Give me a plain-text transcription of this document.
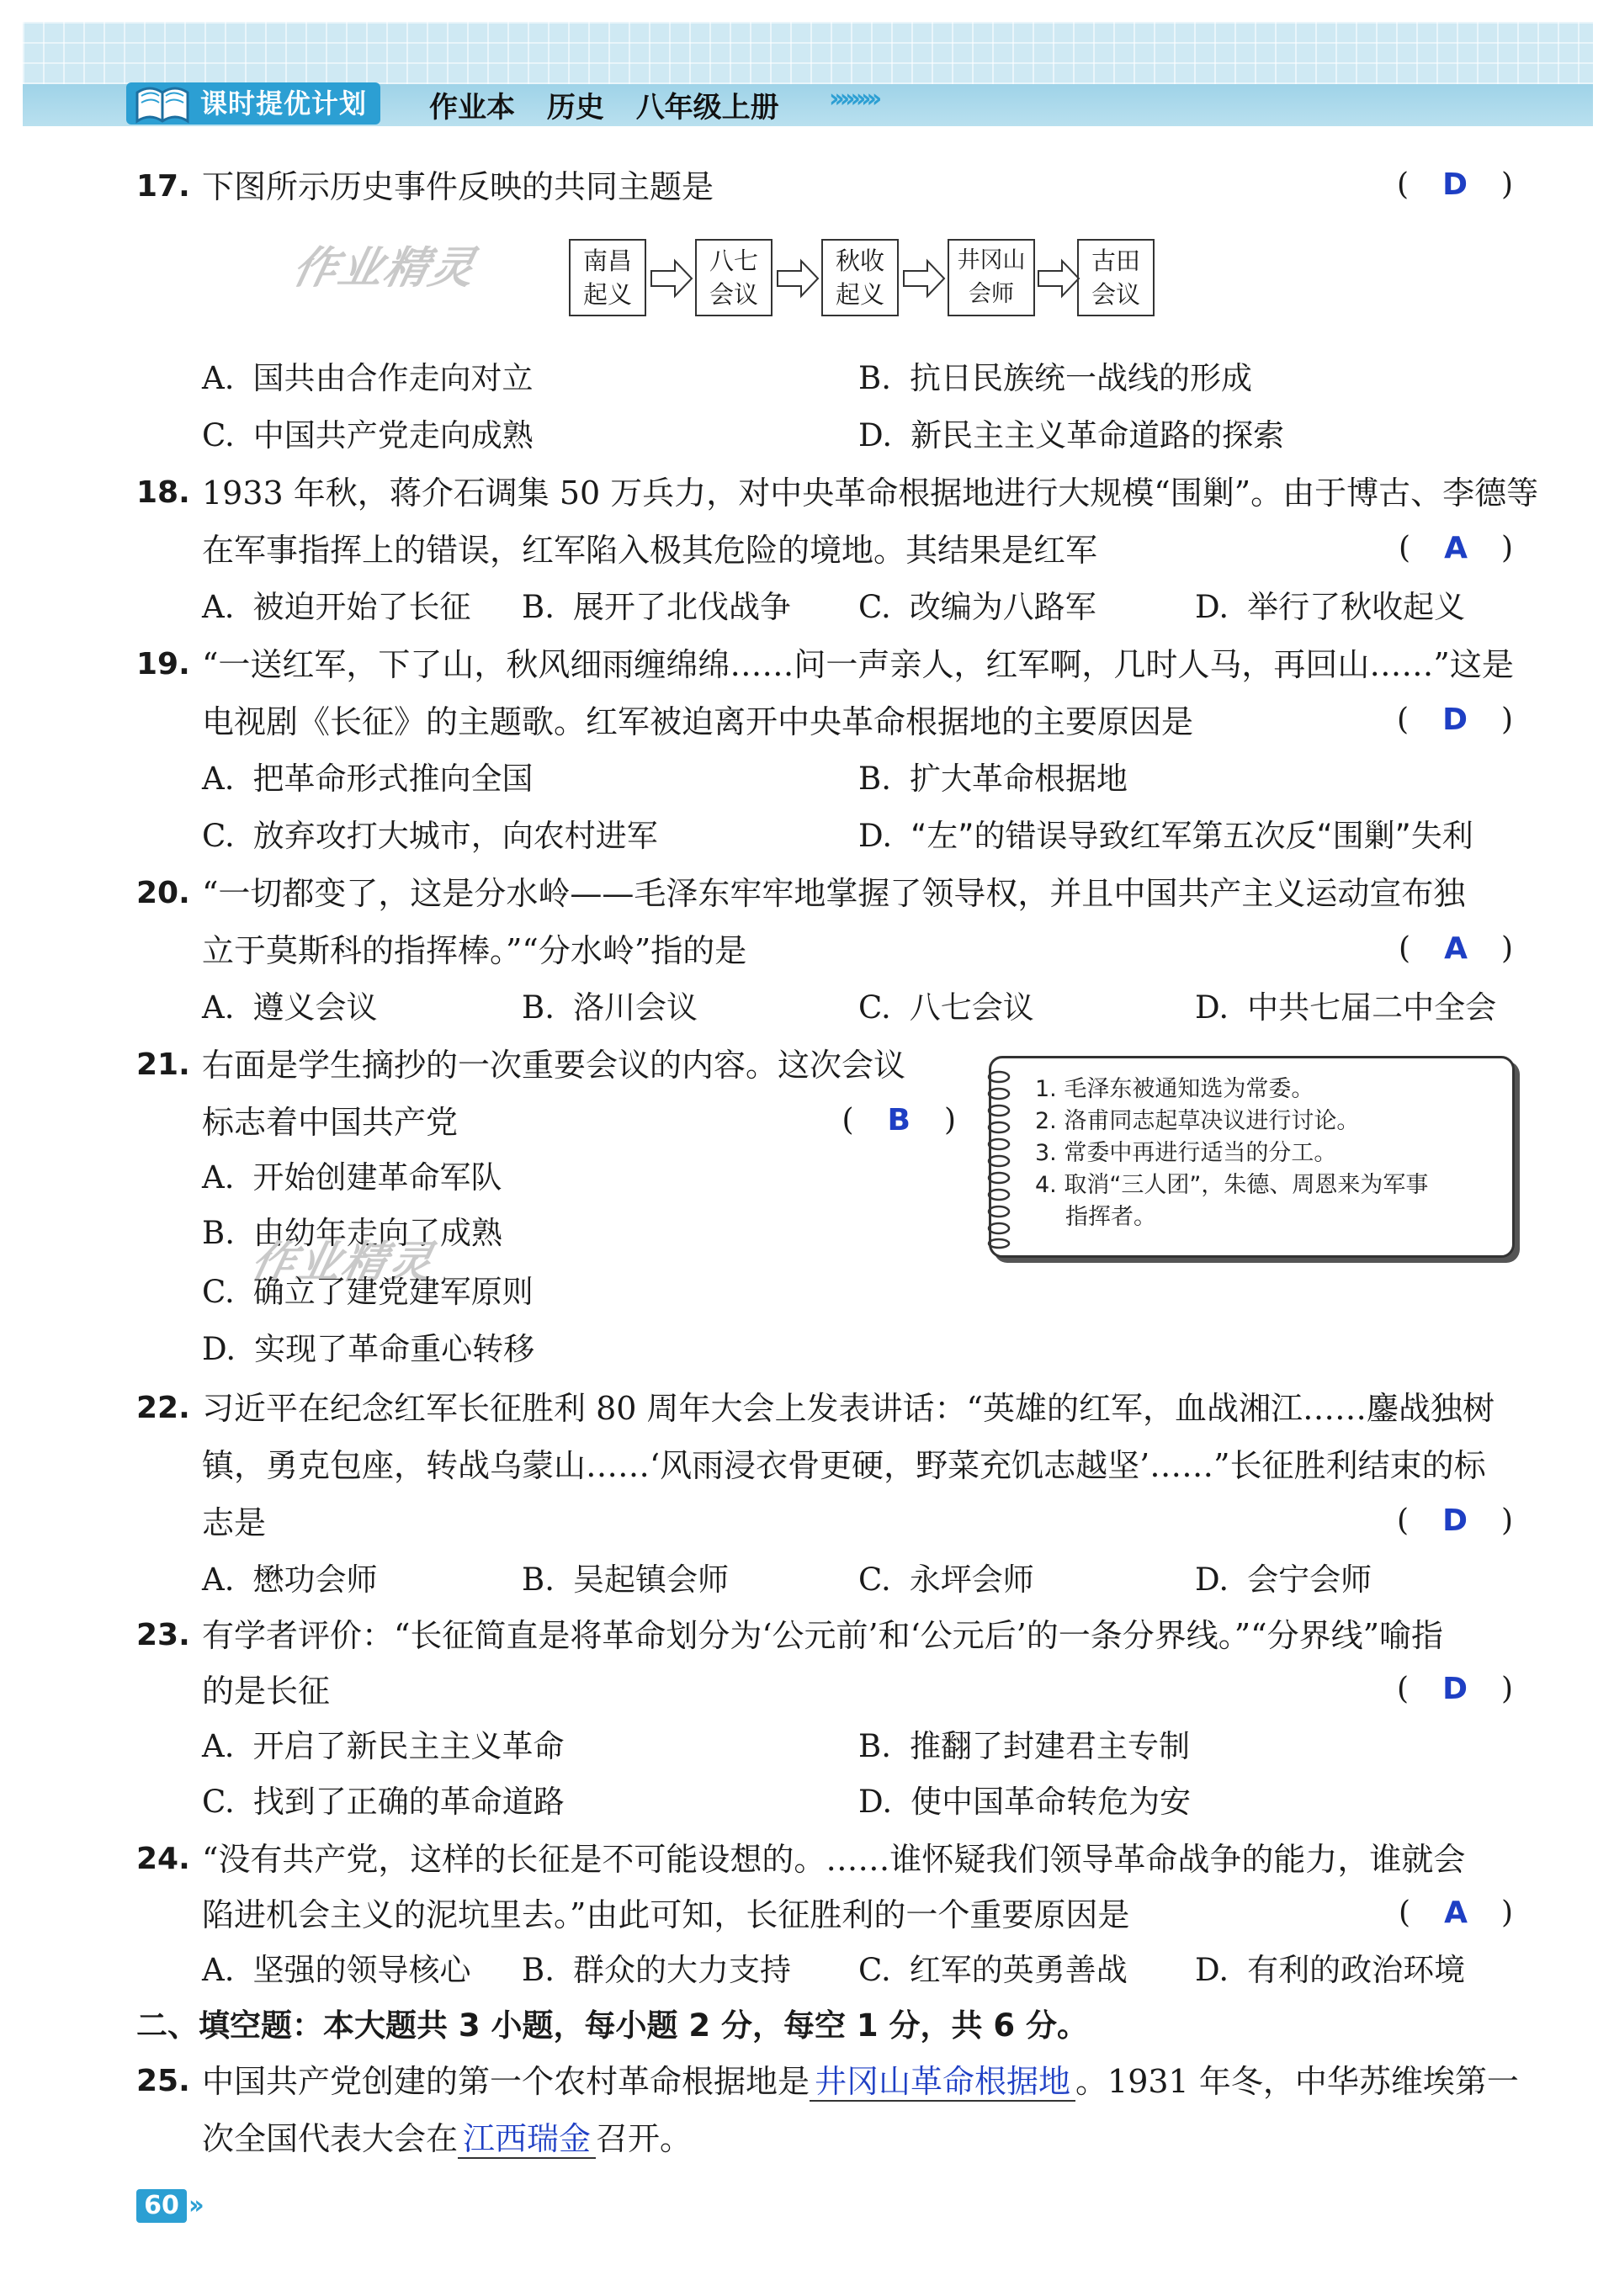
课时提优计划	作业本 历史 八年级上册	›››››››››
17. 下图所示历史事件反映的共同主题是	( D )
作业精灵	南昌
起义
八七
会议
秋收
起义
井冈山
会师
古田
会议
A. 国共由合作走向对立	B. 抗日民族统一战线的形成
C. 中国共产党走向成熟	D. 新民主主义革命道路的探索
18. 1933 年秋，蒋介石调集 50 万兵力，对中央革命根据地进行大规模“围剿”。由于博古、李德等
在军事指挥上的错误，红军陷入极其危险的境地。其结果是红军	( A )
A. 被迫开始了长征 B. 展开了北伐战争 C. 改编为八路军	D. 举行了秋收起义
19. “一送红军，下了山，秋风细雨缠绵绵……问一声亲人，红军啊，几时人马，再回山……”这是
电视剧《长征》的主题歌。红军被迫离开中央革命根据地的主要原因是	( D )
A. 把革命形式推向全国	B. 扩大革命根据地
C. 放弃攻打大城市，向农村进军	D. “左”的错误导致红军第五次反“围剿”失利
20. “一切都变了，这是分水岭——毛泽东牢牢地掌握了领导权，并且中国共产主义运动宣布独
立于莫斯科的指挥棒。”“分水岭”指的是	( A )
A. 遵义会议	B. 洛川会议	C. 八七会议	D. 中共七届二中全会
21. 右面是学生摘抄的一次重要会议的内容。这次会议
标志着中国共产党	( B )
1. 毛泽东被通知选为常委。
2. 洛甫同志起草决议进行讨论。
3. 常委中再进行适当的分工。
4. 取消“三人团”，朱德、周恩来为军事
指挥者。
A. 开始创建革命军队
B. 由幼年走向了成熟
作业精灵
C. 确立了建党建军原则
D. 实现了革命重心转移
22. 习近平在纪念红军长征胜利 80 周年大会上发表讲话：“英雄的红军，血战湘江……鏖战独树
镇，勇克包座，转战乌蒙山……‘风雨浸衣骨更硬，野菜充饥志越坚’……”长征胜利结束的标
志是	( D )
A. 懋功会师	B. 吴起镇会师	C. 永坪会师	D. 会宁会师
23. 有学者评价：“长征简直是将革命划分为‘公元前’和‘公元后’的一条分界线。”“分界线”喻指
的是长征	( D )
A. 开启了新民主主义革命	B. 推翻了封建君主专制
C. 找到了正确的革命道路	D. 使中国革命转危为安
24. “没有共产党，这样的长征是不可能设想的。……谁怀疑我们领导革命战争的能力，谁就会
陷进机会主义的泥坑里去。”由此可知，长征胜利的一个重要原因是	( A )
A. 坚强的领导核心 B. 群众的大力支持 C. 红军的英勇善战 D. 有利的政治环境
二、填空题：本大题共 3 小题，每小题 2 分，每空 1 分，共 6 分。
25. 中国共产党创建的第一个农村革命根据地是 井冈山革命根据地 。1931 年冬，中华苏维埃第一
次全国代表大会在 江西瑞金 召开。
60 ››
